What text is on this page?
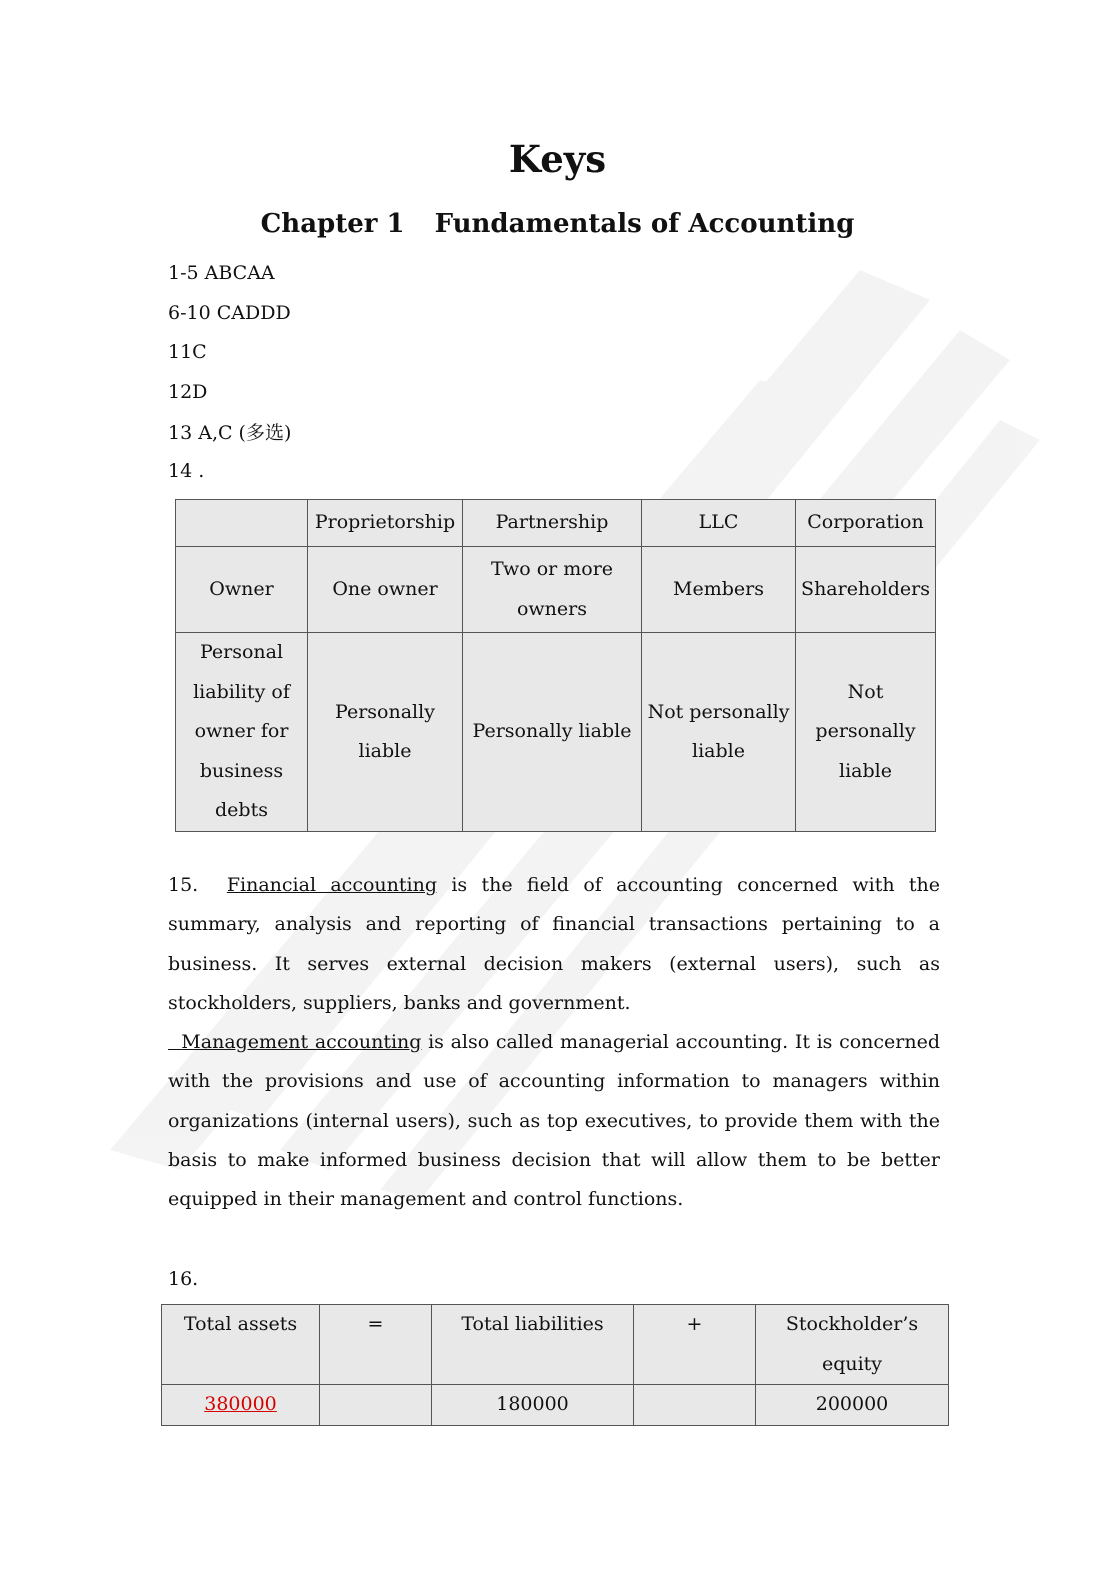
Keys
Chapter 1 Fundamentals of Accounting
1-5 ABCAA
6-10 CADDD
11C
12D
13 A,C (多选)
14 .
	Proprietorship	Partnership	LLC	Corporation
Owner	One owner	Two or more owners	Members	Shareholders
Personal liability of owner for business debts	Personally liable	Personally liable	Not personally liable	Not personally liable

15. Financial accounting is the field of accounting concerned with the summary, analysis and reporting of financial transactions pertaining to a business. It serves external decision makers (external users), such as stockholders, suppliers, banks and government.

Management accounting is also called managerial accounting. It is concerned with the provisions and use of accounting information to managers within organizations (internal users), such as top executives, to provide them with the basis to make informed business decision that will allow them to be better equipped in their management and control functions.

16.
Total assets	=	Total liabilities	+	Stockholder’s equity
380000		180000		200000
